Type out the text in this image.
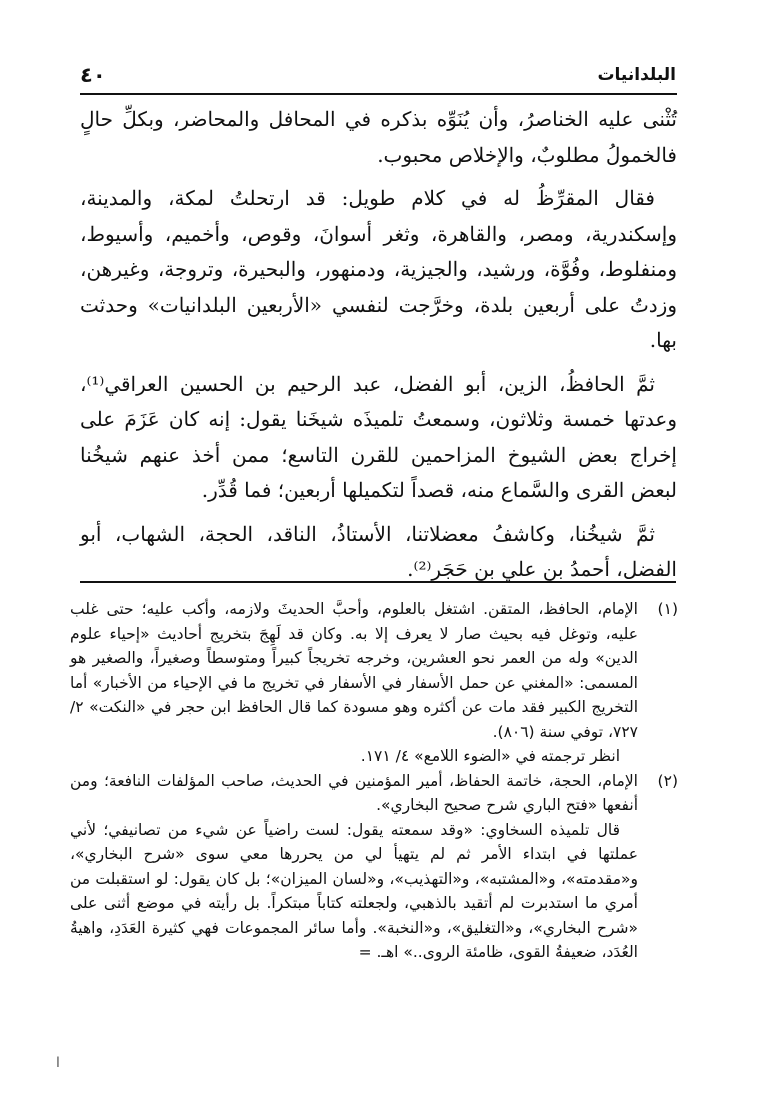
البلدانيات
٤٠

تُثْنى عليه الخناصرُ، وأن يُنَوِّه بذكره في المحافل والمحاضر، وبكلِّ حالٍ فالخمولُ مطلوبٌ، والإخلاص محبوب.

فقال المقرِّظُ له في كلام طويل: قد ارتحلتُ لمكة، والمدينة، وإسكندرية، ومصر، والقاهرة، وثغر أسوانَ، وقوص، وأخميم، وأسيوط، ومنفلوط، وفُوَّة، ورشيد، والجيزية، ودمنهور، والبحيرة، وتروجة، وغيرهن، وزدتُ على أربعين بلدة، وخرَّجت لنفسي «الأربعين البلدانيات» وحدثت بها.

ثمَّ الحافظُ، الزين، أبو الفضل، عبد الرحيم بن الحسين العراقي⁽¹⁾، وعدتها خمسة وثلاثون، وسمعتُ تلميذَه شيخَنا يقول: إنه كان عَزَمَ على إخراج بعض الشيوخ المزاحمين للقرن التاسع؛ ممن أخذ عنهم شيخُنا لبعض القرى والسَّماع منه، قصداً لتكميلها أربعين؛ فما قُدِّر.

ثمَّ شيخُنا، وكاشفُ معضلاتنا، الأستاذُ، الناقد، الحجة، الشهاب، أبو الفضل، أحمدُ بن علي بن حَجَر⁽²⁾.

(١)

الإمام، الحافظ، المتقن. اشتغل بالعلوم، وأحبَّ الحديثَ ولازمه، وأكب عليه؛ حتى غلب عليه، وتوغل فيه بحيث صار لا يعرف إلا به. وكان قد لَهِجَ بتخريج أحاديث «إحياء علوم الدين» وله من العمر نحو العشرين، وخرجه تخريجاً كبيراً ومتوسطاً وصغيراً، والصغير هو المسمى: «المغني عن حمل الأسفار في الأسفار في تخريج ما في الإحياء من الأخبار» أما التخريج الكبير فقد مات عن أكثره وهو مسودة كما قال الحافظ ابن حجر في «النكت» ٢/ ٧٢٧، توفي سنة (٨٠٦).

انظر ترجمته في «الضوء اللامع» ٤/ ١٧١.

(٢)

الإمام، الحجة، خاتمة الحفاظ، أمير المؤمنين في الحديث، صاحب المؤلفات النافعة؛ ومن أنفعها «فتح الباري شرح صحيح البخاري».

قال تلميذه السخاوي: «وقد سمعته يقول: لست راضياً عن شيء من تصانيفي؛ لأني عملتها في ابتداء الأمر ثم لم يتهيأ لي من يحررها معي سوى «شرح البخاري»، و«مقدمته»، و«المشتبه»، و«التهذيب»، و«لسان الميزان»؛ بل كان يقول: لو استقبلت من أمري ما استدبرت لم أتقيد بالذهبي، ولجعلته كتاباً مبتكراً. بل رأيته في موضع أثنى على «شرح البخاري»، و«التغليق»، و«النخبة». وأما سائر المجموعات فهي كثيرة العَدَدِ، واهيةُ العُدَد، ضعيفةُ القوى، ظامئة الروى..» اهـ. =

ا
